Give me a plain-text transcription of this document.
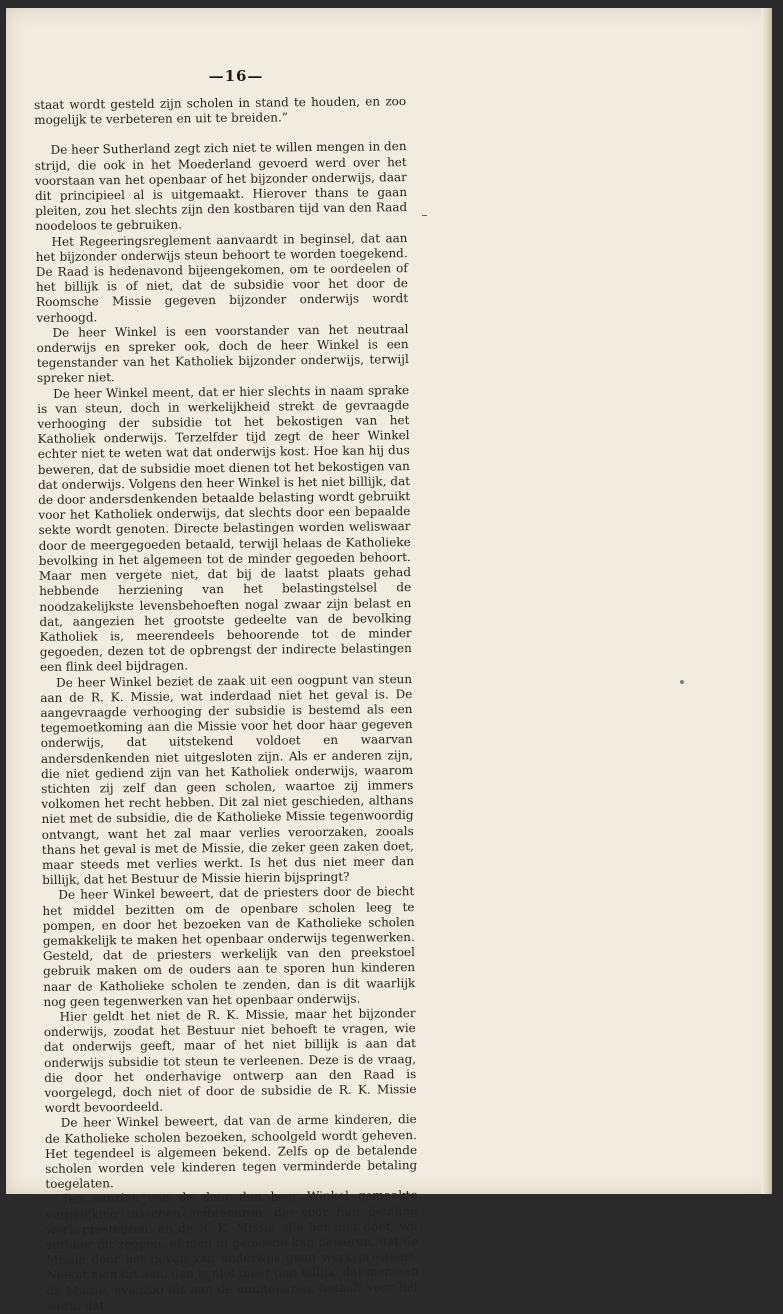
—16—

staat wordt gesteld zijn scholen in stand te houden, en zoo mogelijk te verbeteren en uit te breiden.”

De heer Sutherland zegt zich niet te willen mengen in den strijd, die ook in het Moederland gevoerd werd over het voorstaan van het openbaar of het bijzonder onderwijs, daar dit principieel al is uitgemaakt. Hierover thans te gaan pleiten, zou het slechts zijn den kostbaren tijd van den Raad noodeloos te gebruiken.

Het Regeeringsreglement aanvaardt in beginsel, dat aan het bijzonder onderwijs steun behoort te worden toegekend. De Raad is hedenavond bijeengekomen, om te oordeelen of het billijk is of niet, dat de subsidie voor het door de Roomsche Missie gegeven bijzonder onderwijs wordt verhoogd.

De heer Winkel is een voorstander van het neutraal onderwijs en spreker ook, doch de heer Winkel is een tegenstander van het Katholiek bijzonder onderwijs, terwijl spreker niet.

De heer Winkel meent, dat er hier slechts in naam sprake is van steun, doch in werkelijkheid strekt de gevraagde verhooging der subsidie tot het bekostigen van het Katholiek onderwijs. Terzelfder tijd zegt de heer Winkel echter niet te weten wat dat onderwijs kost. Hoe kan hij dus beweren, dat de subsidie moet dienen tot het bekostigen van dat onderwijs. Volgens den heer Winkel is het niet billijk, dat de door andersdenkenden betaalde belasting wordt gebruikt voor het Katholiek onderwijs, dat slechts door een bepaalde sekte wordt genoten. Directe belastingen worden weliswaar door de meergegoeden betaald, terwijl helaas de Katholieke bevolking in het algemeen tot de minder gegoeden behoort. Maar men vergete niet, dat bij de laatst plaats gehad hebbende herziening van het belastingstelsel de noodzakelijkste levensbehoeften nogal zwaar zijn belast en dat, aangezien het grootste gedeelte van de bevolking Katholiek is, meerendeels behoorende tot de minder gegoeden, dezen tot de opbrengst der indirecte belastingen een flink deel bijdragen.

De heer Winkel beziet de zaak uit een oogpunt van steun aan de R. K. Missie, wat inderdaad niet het geval is. De aangevraagde verhooging der subsidie is bestemd als een tegemoetkoming aan die Missie voor het door haar gegeven onderwijs, dat uitstekend voldoet en waarvan andersdenkenden niet uitgesloten zijn. Als er anderen zijn, die niet gediend zijn van het Katholiek onderwijs, waarom stichten zij zelf dan geen scholen, waartoe zij immers volkomen het recht hebben. Dit zal niet geschieden, althans niet met de subsidie, die de Katholieke Missie tegenwoordig ontvangt, want het zal maar verlies veroorzaken, zooals thans het geval is met de Missie, die zeker geen zaken doet, maar steeds met verlies werkt. Is het dus niet meer dan billijk, dat het Bestuur de Missie hierin bijspringt?

De heer Winkel beweert, dat de priesters door de biecht het middel bezitten om de openbare scholen leeg te pompen, en door het bezoeken van de Katholieke scholen gemakkelijk te maken het openbaar onderwijs tegenwerken. Gesteld, dat de priesters werkelijk van den preekstoel gebruik maken om de ouders aan te sporen hun kinderen naar de Katholieke scholen te zenden, dan is dit waarlijk nog geen tegenwerken van het openbaar onderwijs.

Hier geldt het niet de R. K. Missie, maar het bijzonder onderwijs, zoodat het Bestuur niet behoeft te vragen, wie dat onderwijs geeft, maar of het niet billijk is aan dat onderwijs subsidie tot steun te verleenen. Deze is de vraag, die door het onderhavige ontwerp aan den Raad is voorgelegd, doch niet of door de subsidie de R. K. Missie wordt bevoordeeld.

De heer Winkel beweert, dat van de arme kinderen, die de Katholieke scholen bezoeken, schoolgeld wordt geheven. Het tegendeel is algemeen bekend. Zelfs op de betalende scholen worden vele kinderen tegen verminderde betaling toegelaten.

Ten aanzien van de door den heer Winkel gemaakte vergelijking tusschen ambtenaren, die voor hun betaling werk presteeren, en de R. K. Missie, die het niet doet, wil spreker dit zeggen, of men in gemoede kan beweren, dat de Missie door het geven van onderwijs geen werk presteert. Neemt men dit aan, dan is niet meer dan billijk, dat men aan de Missie, evenzoo als aan de ambtenaren, betaalt voor het werk, dat
